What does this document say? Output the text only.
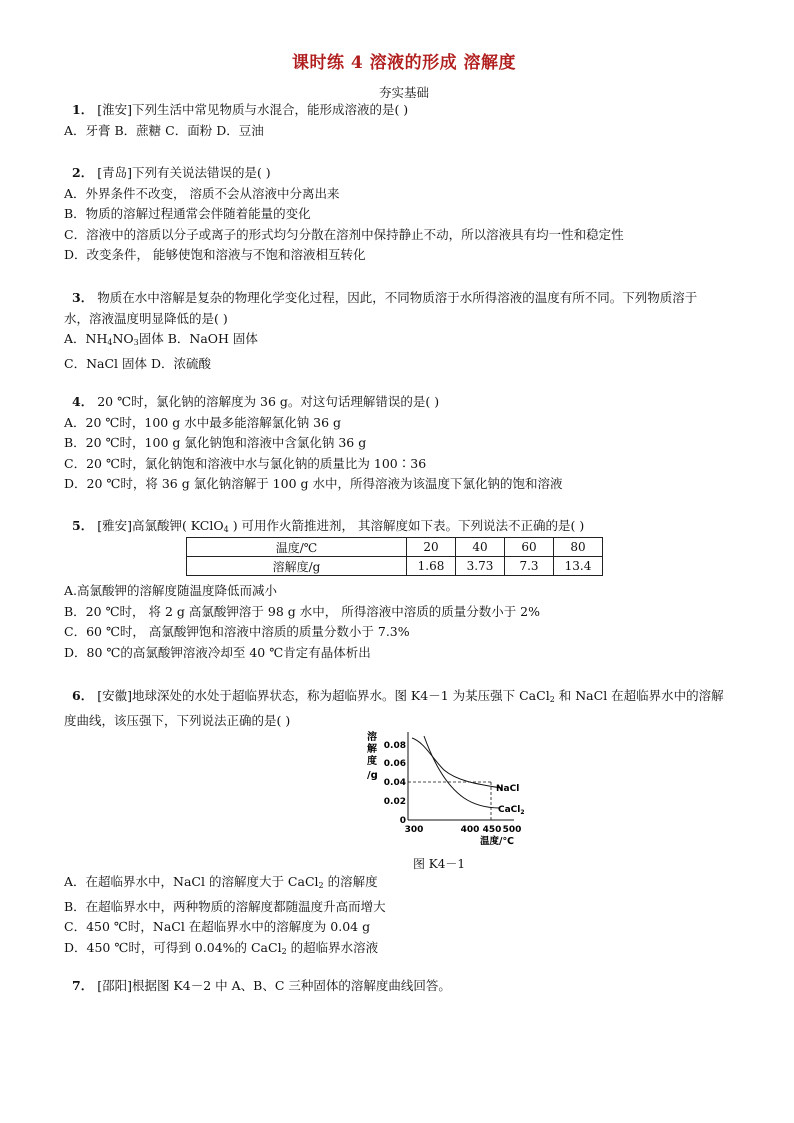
课时练 4 溶液的形成 溶解度
夯实基础
1． [淮安]下列生活中常见物质与水混合，能形成溶液的是( )
A．牙膏 B．蔗糖 C．面粉 D．豆油
2． [青岛]下列有关说法错误的是( )
A．外界条件不改变， 溶质不会从溶液中分离出来
B．物质的溶解过程通常会伴随着能量的变化
C．溶液中的溶质以分子或离子的形式均匀分散在溶剂中保持静止不动，所以溶液具有均一性和稳定性
D．改变条件， 能够使饱和溶液与不饱和溶液相互转化
3． 物质在水中溶解是复杂的物理化学变化过程，因此，不同物质溶于水所得溶液的温度有所不同。下列物质溶于
水，溶液温度明显降低的是( )
A．$NH_4NO_3$固体 B．NaOH 固体
C．NaCl 固体 D．浓硫酸
4． 20 ℃时，氯化钠的溶解度为 36 g。对这句话理解错误的是( )
A．20 ℃时，100 g 水中最多能溶解氯化钠 36 g
B．20 ℃时，100 g 氯化钠饱和溶液中含氯化钠 36 g
C．20 ℃时，氯化钠饱和溶液中水与氯化钠的质量比为 100∶36
D．20 ℃时，将 36 g 氯化钠溶解于 100 g 水中，所得溶液为该温度下氯化钠的饱和溶液
5． [雅安]高氯酸钾( KClO$_4$ ) 可用作火箭推进剂， 其溶解度如下表。下列说法不正确的是( )
温度/℃	20	40	60	80
溶解度/g	1.68	3.73	7.3	13.4
A.高氯酸钾的溶解度随温度降低而减小
B．20 ℃时， 将 2 g 高氯酸钾溶于 98 g 水中， 所得溶液中溶质的质量分数小于 2%
C．60 ℃时， 高氯酸钾饱和溶液中溶质的质量分数小于 7.3%
D．80 ℃的高氯酸钾溶液冷却至 40 ℃肯定有晶体析出
6． [安徽]地球深处的水处于超临界状态，称为超临界水。图 K4－1 为某压强下 CaCl$_2$ 和 NaCl 在超临界水中的溶解
度曲线，该压强下，下列说法正确的是( )
溶
解
度
/g
0.08
0.06
0.04
0.02
0
300	400 450 500
温度/℃
NaCl
CaCl$_2$
图 K4－1
A．在超临界水中，NaCl 的溶解度大于 CaCl$_2$ 的溶解度
B．在超临界水中，两种物质的溶解度都随温度升高而增大
C．450 ℃时，NaCl 在超临界水中的溶解度为 0.04 g
D．450 ℃时，可得到 0.04%的 CaCl$_2$ 的超临界水溶液
7． [邵阳]根据图 K4－2 中 A、B、C 三种固体的溶解度曲线回答。
